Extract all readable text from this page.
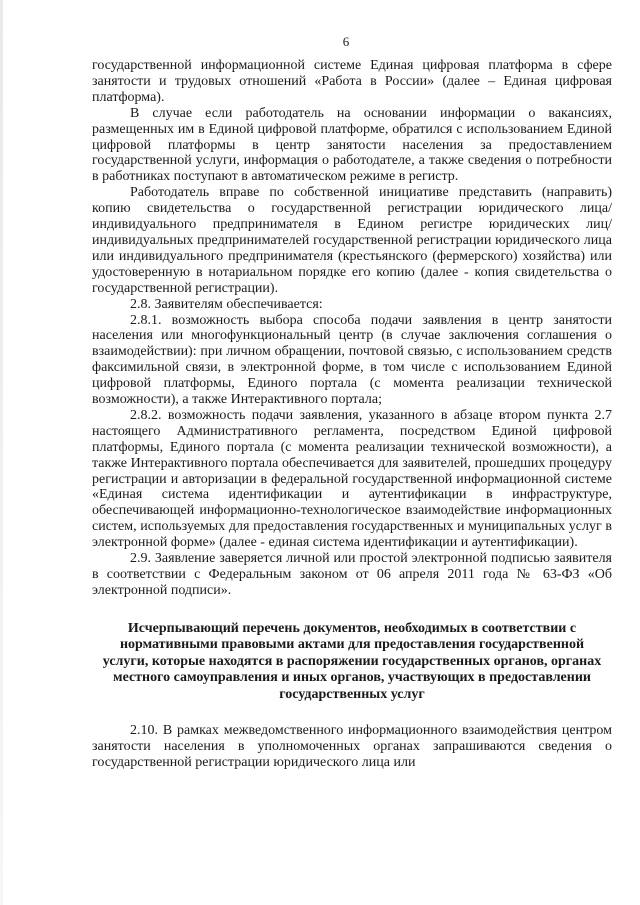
6

государственной информационной системе Единая цифровая платформа в сфере занятости и трудовых отношений «Работа в России» (далее – Единая цифровая платформа).

В случае если работодатель на основании информации о вакансиях, размещенных им в Единой цифровой платформе, обратился с использованием Единой цифровой платформы в центр занятости населения за предоставлением государственной услуги, информация о работодателе, а также сведения о потребности в работниках поступают в автоматическом режиме в регистр.

Работодатель вправе по собственной инициативе представить (направить) копию свидетельства о государственной регистрации юридического лица/индивидуального предпринимателя в Едином регистре юридических лиц/индивидуальных предпринимателей государственной регистрации юридического лица или индивидуального предпринимателя (крестьянского (фермерского) хозяйства) или удостоверенную в нотариальном порядке его копию (далее - копия свидетельства о государственной регистрации).

2.8. Заявителям обеспечивается:

2.8.1. возможность выбора способа подачи заявления в центр занятости населения или многофункциональный центр (в случае заключения соглашения о взаимодействии): при личном обращении, почтовой связью, с использованием средств факсимильной связи, в электронной форме, в том числе с использованием Единой цифровой платформы, Единого портала (с момента реализации технической возможности), а также Интерактивного портала;

2.8.2. возможность подачи заявления, указанного в абзаце втором пункта 2.7 настоящего Административного регламента, посредством Единой цифровой платформы, Единого портала (с момента реализации технической возможности), а также Интерактивного портала обеспечивается для заявителей, прошедших процедуру регистрации и авторизации в федеральной государственной информационной системе «Единая система идентификации и аутентификации в инфраструктуре, обеспечивающей информационно-технологическое взаимодействие информационных систем, используемых для предоставления государственных и муниципальных услуг в электронной форме» (далее - единая система идентификации и аутентификации).

2.9. Заявление заверяется личной или простой электронной подписью заявителя в соответствии с Федеральным законом от 06 апреля 2011 года № 63-ФЗ «Об электронной подписи».

Исчерпывающий перечень документов, необходимых в соответствии с нормативными правовыми актами для предоставления государственной услуги, которые находятся в распоряжении государственных органов, органах местного самоуправления и иных органов, участвующих в предоставлении государственных услуг

2.10. В рамках межведомственного информационного взаимодействия центром занятости населения в уполномоченных органах запрашиваются сведения о государственной регистрации юридического лица или
